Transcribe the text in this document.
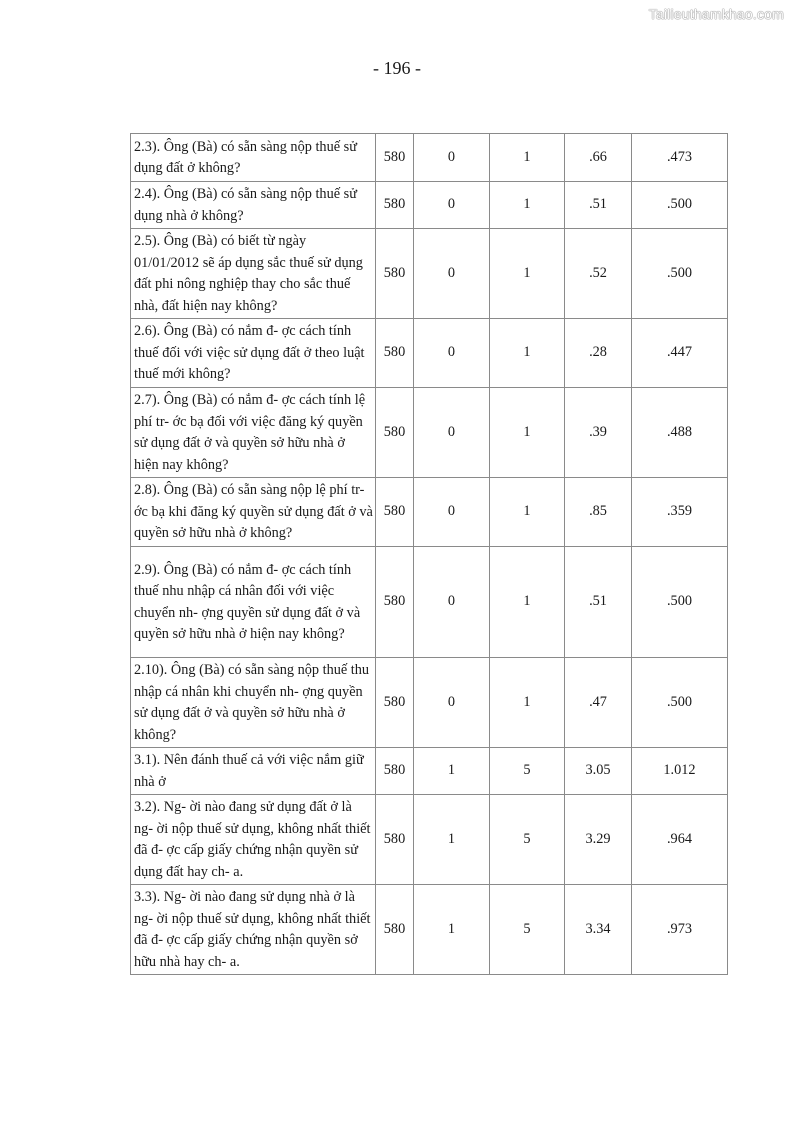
Tailieuthamkhao.com
- 196 -
2.3). Ông (Bà) có sẵn sàng nộp thuế sử dụng đất ở không?	580	0	1	.66	.473
2.4). Ông (Bà) có sẵn sàng nộp thuế sử dụng nhà ở không?	580	0	1	.51	.500
2.5). Ông (Bà) có biết từ ngày 01/01/2012 sẽ áp dụng sắc thuế sử dụng đất phi nông nghiệp thay cho sắc thuế nhà, đất hiện nay không?	580	0	1	.52	.500
2.6). Ông (Bà) có nắm đ- ợc cách tính thuế đối với việc sử dụng đất ở theo luật thuế mới không?	580	0	1	.28	.447
2.7). Ông (Bà) có nắm đ- ợc cách tính lệ phí tr- ớc bạ đối với việc đăng ký quyền sử dụng đất ở và quyền sở hữu nhà ở hiện nay không?	580	0	1	.39	.488
2.8). Ông (Bà) có sẵn sàng nộp lệ phí tr- ớc bạ khi đăng ký quyền sử dụng đất ở và quyền sở hữu nhà ở không?	580	0	1	.85	.359
2.9). Ông (Bà) có nắm đ- ợc cách tính thuế nhu nhập cá nhân đối với việc chuyển nh- ợng quyền sử dụng đất ở và quyền sở hữu nhà ở hiện nay không?	580	0	1	.51	.500
2.10). Ông (Bà) có sẵn sàng nộp thuế thu nhập cá nhân khi chuyển nh- ợng quyền sử dụng đất ở và quyền sở hữu nhà ở không?	580	0	1	.47	.500
3.1). Nên đánh thuế cả với việc nắm giữ nhà ở	580	1	5	3.05	1.012
3.2). Ng- ời nào đang sử dụng đất ở là ng- ời nộp thuế sử dụng, không nhất thiết đã đ- ợc cấp giấy chứng nhận quyền sử dụng đất hay ch- a.	580	1	5	3.29	.964
3.3). Ng- ời nào đang sử dụng nhà ở là ng- ời nộp thuế sử dụng, không nhất thiết đã đ- ợc cấp giấy chứng nhận quyền sở hữu nhà hay ch- a.	580	1	5	3.34	.973
